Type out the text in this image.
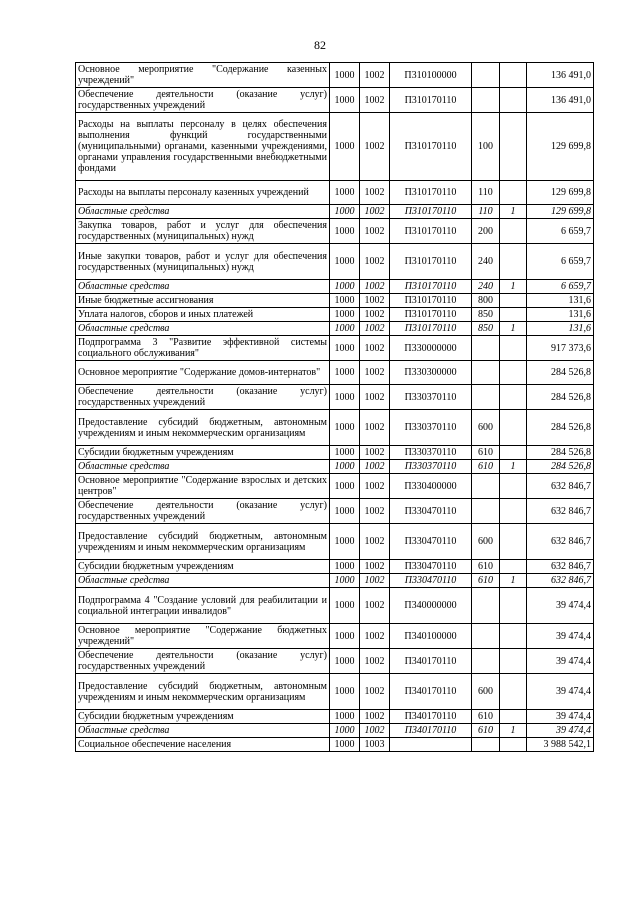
82
Основное мероприятие "Содержание казенных учреждений"	1000	1002	П310100000			136 491,0
Обеспечение деятельности (оказание услуг) государственных учреждений	1000	1002	П310170110			136 491,0
Расходы на выплаты персоналу в целях обеспечения выполнения функций государственными (муниципальными) органами, казенными учреждениями, органами управления государственными внебюджетными фондами	1000	1002	П310170110	100		129 699,8
Расходы на выплаты персоналу казенных учреждений	1000	1002	П310170110	110		129 699,8
Областные средства	1000	1002	П310170110	110	1	129 699,8
Закупка товаров, работ и услуг для обеспечения государственных (муниципальных) нужд	1000	1002	П310170110	200		6 659,7
Иные закупки товаров, работ и услуг для обеспечения государственных (муниципальных) нужд	1000	1002	П310170110	240		6 659,7
Областные средства	1000	1002	П310170110	240	1	6 659,7
Иные бюджетные ассигнования	1000	1002	П310170110	800		131,6
Уплата налогов, сборов и иных платежей	1000	1002	П310170110	850		131,6
Областные средства	1000	1002	П310170110	850	1	131,6
Подпрограмма 3 "Развитие эффективной системы социального обслуживания"	1000	1002	П330000000			917 373,6
Основное мероприятие "Содержание домов-интернатов"	1000	1002	П330300000			284 526,8
Обеспечение деятельности (оказание услуг) государственных учреждений	1000	1002	П330370110			284 526,8
Предоставление субсидий бюджетным, автономным учреждениям и иным некоммерческим организациям	1000	1002	П330370110	600		284 526,8
Субсидии бюджетным учреждениям	1000	1002	П330370110	610		284 526,8
Областные средства	1000	1002	П330370110	610	1	284 526,8
Основное мероприятие "Содержание взрослых и детских центров"	1000	1002	П330400000			632 846,7
Обеспечение деятельности (оказание услуг) государственных учреждений	1000	1002	П330470110			632 846,7
Предоставление субсидий бюджетным, автономным учреждениям и иным некоммерческим организациям	1000	1002	П330470110	600		632 846,7
Субсидии бюджетным учреждениям	1000	1002	П330470110	610		632 846,7
Областные средства	1000	1002	П330470110	610	1	632 846,7
Подпрограмма 4 "Создание условий для реабилитации и социальной интеграции инвалидов"	1000	1002	П340000000			39 474,4
Основное мероприятие "Содержание бюджетных учреждений"	1000	1002	П340100000			39 474,4
Обеспечение деятельности (оказание услуг) государственных учреждений	1000	1002	П340170110			39 474,4
Предоставление субсидий бюджетным, автономным учреждениям и иным некоммерческим организациям	1000	1002	П340170110	600		39 474,4
Субсидии бюджетным учреждениям	1000	1002	П340170110	610		39 474,4
Областные средства	1000	1002	П340170110	610	1	39 474,4
Социальное обеспечение населения	1000	1003				3 988 542,1
